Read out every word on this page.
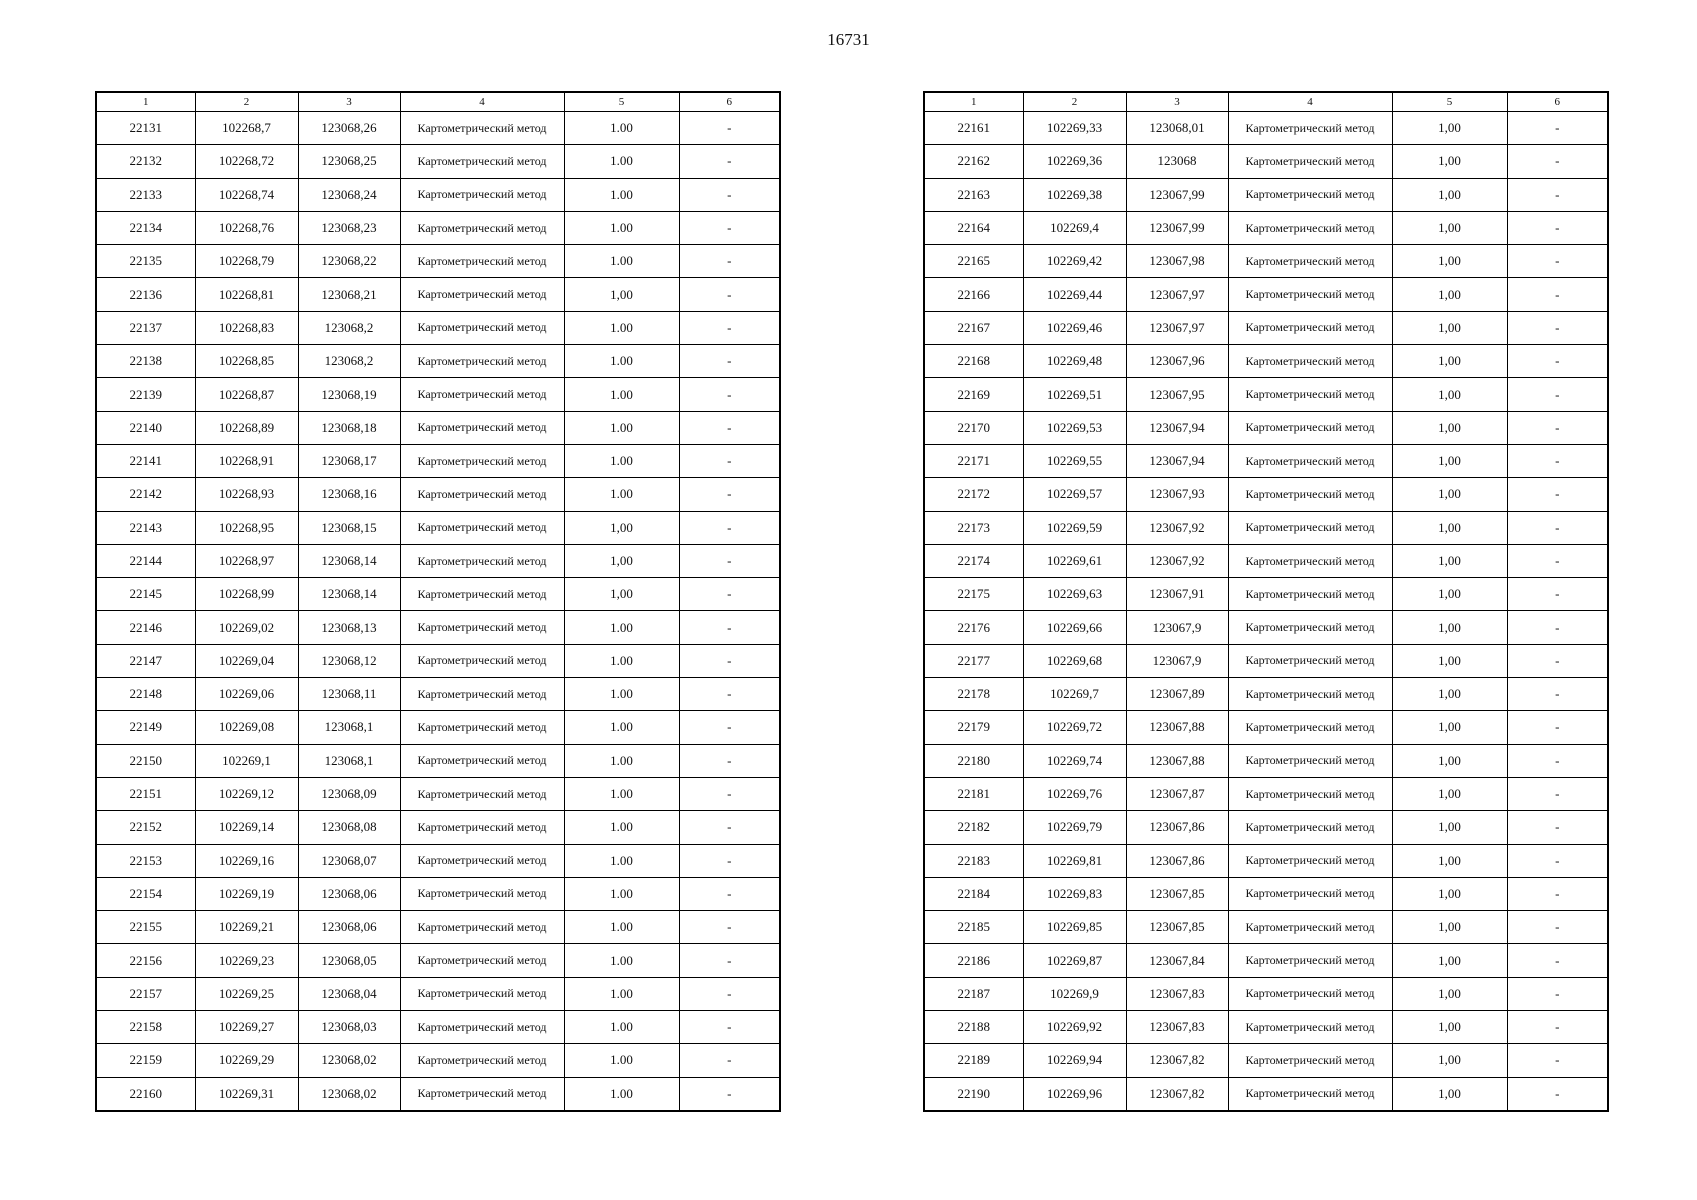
16731
1	2	3	4	5	6
22131	102268,7	123068,26	Картометрический метод	1.00	-
22132	102268,72	123068,25	Картометрический метод	1.00	-
22133	102268,74	123068,24	Картометрический метод	1.00	-
22134	102268,76	123068,23	Картометрический метод	1.00	-
22135	102268,79	123068,22	Картометрический метод	1.00	-
22136	102268,81	123068,21	Картометрический метод	1,00	-
22137	102268,83	123068,2	Картометрический метод	1.00	-
22138	102268,85	123068,2	Картометрический метод	1.00	-
22139	102268,87	123068,19	Картометрический метод	1.00	-
22140	102268,89	123068,18	Картометрический метод	1.00	-
22141	102268,91	123068,17	Картометрический метод	1.00	-
22142	102268,93	123068,16	Картометрический метод	1.00	-
22143	102268,95	123068,15	Картометрический метод	1,00	-
22144	102268,97	123068,14	Картометрический метод	1,00	-
22145	102268,99	123068,14	Картометрический метод	1,00	-
22146	102269,02	123068,13	Картометрический метод	1.00	-
22147	102269,04	123068,12	Картометрический метод	1.00	-
22148	102269,06	123068,11	Картометрический метод	1.00	-
22149	102269,08	123068,1	Картометрический метод	1.00	-
22150	102269,1	123068,1	Картометрический метод	1.00	-
22151	102269,12	123068,09	Картометрический метод	1.00	-
22152	102269,14	123068,08	Картометрический метод	1.00	-
22153	102269,16	123068,07	Картометрический метод	1.00	-
22154	102269,19	123068,06	Картометрический метод	1.00	-
22155	102269,21	123068,06	Картометрический метод	1.00	-
22156	102269,23	123068,05	Картометрический метод	1.00	-
22157	102269,25	123068,04	Картометрический метод	1.00	-
22158	102269,27	123068,03	Картометрический метод	1.00	-
22159	102269,29	123068,02	Картометрический метод	1.00	-
22160	102269,31	123068,02	Картометрический метод	1.00	-
1	2	3	4	5	6
22161	102269,33	123068,01	Картометрический метод	1,00	-
22162	102269,36	123068	Картометрический метод	1,00	-
22163	102269,38	123067,99	Картометрический метод	1,00	-
22164	102269,4	123067,99	Картометрический метод	1,00	-
22165	102269,42	123067,98	Картометрический метод	1,00	-
22166	102269,44	123067,97	Картометрический метод	1,00	-
22167	102269,46	123067,97	Картометрический метод	1,00	-
22168	102269,48	123067,96	Картометрический метод	1,00	-
22169	102269,51	123067,95	Картометрический метод	1,00	-
22170	102269,53	123067,94	Картометрический метод	1,00	-
22171	102269,55	123067,94	Картометрический метод	1,00	-
22172	102269,57	123067,93	Картометрический метод	1,00	-
22173	102269,59	123067,92	Картометрический метод	1,00	-
22174	102269,61	123067,92	Картометрический метод	1,00	-
22175	102269,63	123067,91	Картометрический метод	1,00	-
22176	102269,66	123067,9	Картометрический метод	1,00	-
22177	102269,68	123067,9	Картометрический метод	1,00	-
22178	102269,7	123067,89	Картометрический метод	1,00	-
22179	102269,72	123067,88	Картометрический метод	1,00	-
22180	102269,74	123067,88	Картометрический метод	1,00	-
22181	102269,76	123067,87	Картометрический метод	1,00	-
22182	102269,79	123067,86	Картометрический метод	1,00	-
22183	102269,81	123067,86	Картометрический метод	1,00	-
22184	102269,83	123067,85	Картометрический метод	1,00	-
22185	102269,85	123067,85	Картометрический метод	1,00	-
22186	102269,87	123067,84	Картометрический метод	1,00	-
22187	102269,9	123067,83	Картометрический метод	1,00	-
22188	102269,92	123067,83	Картометрический метод	1,00	-
22189	102269,94	123067,82	Картометрический метод	1,00	-
22190	102269,96	123067,82	Картометрический метод	1,00	-
